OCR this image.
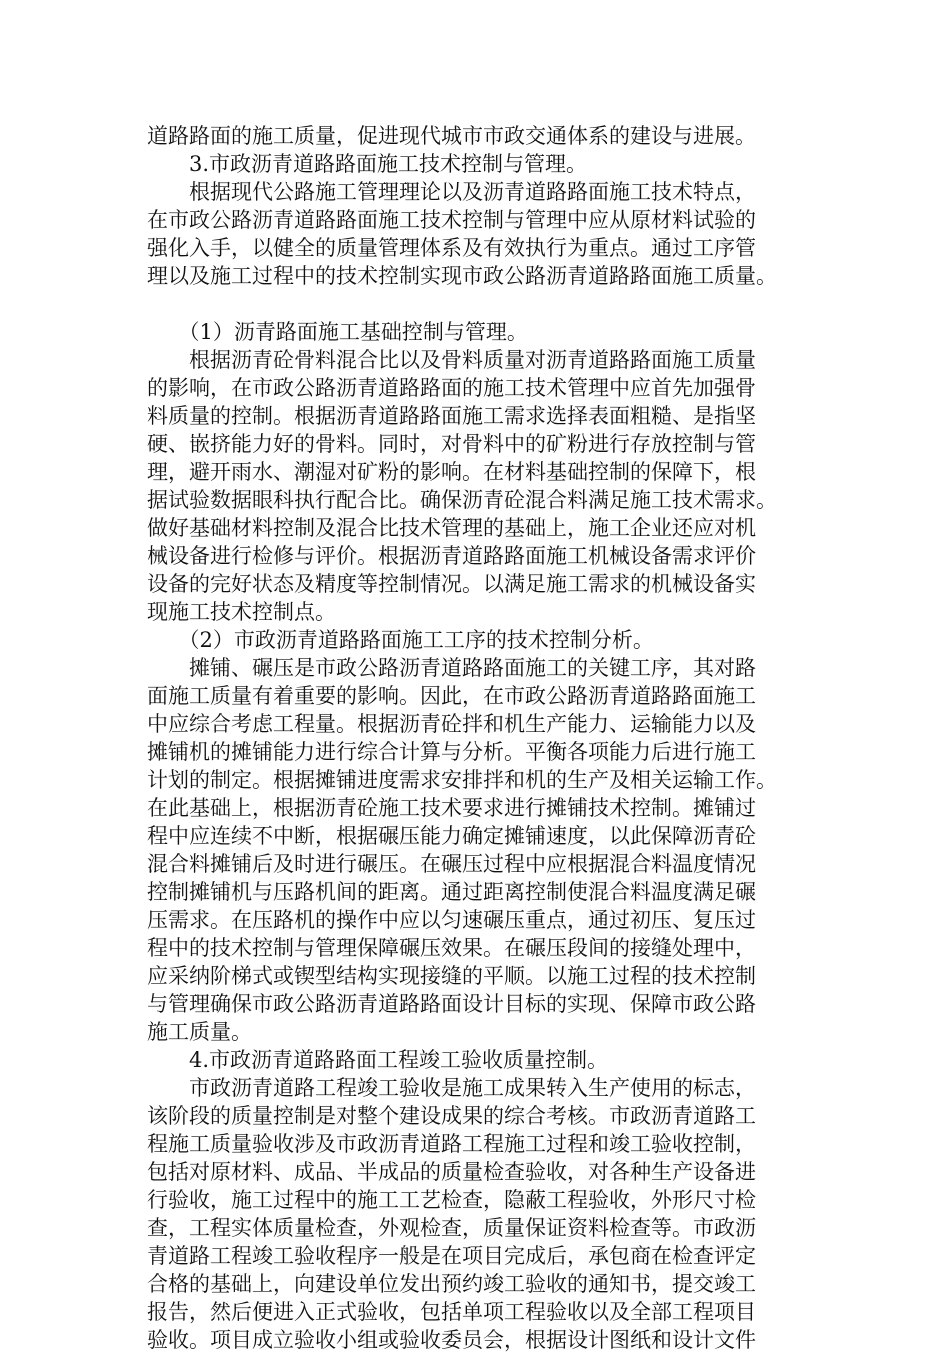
道路路面的施工质量，促进现代城市市政交通体系的建设与进展。
　　3.市政沥青道路路面施工技术控制与管理。
　　根据现代公路施工管理理论以及沥青道路路面施工技术特点，
在市政公路沥青道路路面施工技术控制与管理中应从原材料试验的
强化入手，以健全的质量管理体系及有效执行为重点。通过工序管
理以及施工过程中的技术控制实现市政公路沥青道路路面施工质量。
　　（1）沥青路面施工基础控制与管理。
　　根据沥青砼骨料混合比以及骨料质量对沥青道路路面施工质量
的影响，在市政公路沥青道路路面的施工技术管理中应首先加强骨
料质量的控制。根据沥青道路路面施工需求选择表面粗糙、是指坚
硬、嵌挤能力好的骨料。同时，对骨料中的矿粉进行存放控制与管
理，避开雨水、潮湿对矿粉的影响。在材料基础控制的保障下，根
据试验数据眼科执行配合比。确保沥青砼混合料满足施工技术需求。
做好基础材料控制及混合比技术管理的基础上，施工企业还应对机
械设备进行检修与评价。根据沥青道路路面施工机械设备需求评价
设备的完好状态及精度等控制情况。以满足施工需求的机械设备实
现施工技术控制点。
　　（2）市政沥青道路路面施工工序的技术控制分析。
　　摊铺、碾压是市政公路沥青道路路面施工的关键工序，其对路
面施工质量有着重要的影响。因此，在市政公路沥青道路路面施工
中应综合考虑工程量。根据沥青砼拌和机生产能力、运输能力以及
摊铺机的摊铺能力进行综合计算与分析。平衡各项能力后进行施工
计划的制定。根据摊铺进度需求安排拌和机的生产及相关运输工作。
在此基础上，根据沥青砼施工技术要求进行摊铺技术控制。摊铺过
程中应连续不中断，根据碾压能力确定摊铺速度，以此保障沥青砼
混合料摊铺后及时进行碾压。在碾压过程中应根据混合料温度情况
控制摊铺机与压路机间的距离。通过距离控制使混合料温度满足碾
压需求。在压路机的操作中应以匀速碾压重点，通过初压、复压过
程中的技术控制与管理保障碾压效果。在碾压段间的接缝处理中，
应采纳阶梯式或锲型结构实现接缝的平顺。以施工过程的技术控制
与管理确保市政公路沥青道路路面设计目标的实现、保障市政公路
施工质量。
　　4.市政沥青道路路面工程竣工验收质量控制。
　　市政沥青道路工程竣工验收是施工成果转入生产使用的标志，
该阶段的质量控制是对整个建设成果的综合考核。市政沥青道路工
程施工质量验收涉及市政沥青道路工程施工过程和竣工验收控制，
包括对原材料、成品、半成品的质量检查验收，对各种生产设备进
行验收，施工过程中的施工工艺检查，隐蔽工程验收，外形尺寸检
查，工程实体质量检查，外观检查，质量保证资料检查等。市政沥
青道路工程竣工验收程序一般是在项目完成后，承包商在检查评定
合格的基础上，向建设单位发出预约竣工验收的通知书，提交竣工
报告，然后便进入正式验收，包括单项工程验收以及全部工程项目
验收。项目成立验收小组或验收委员会，根据设计图纸和设计文件
